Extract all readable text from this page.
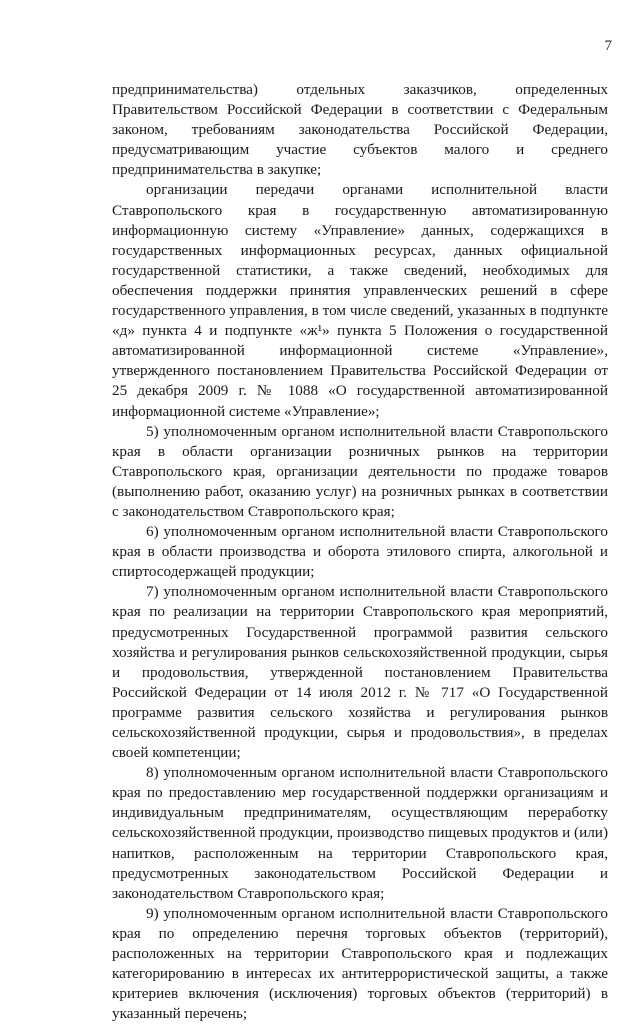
7

предпринимательства) отдельных заказчиков, определенных Правительством Российской Федерации в соответствии с Федеральным законом, требованиям законодательства Российской Федерации, предусматривающим участие субъектов малого и среднего предпринимательства в закупке;

организации передачи органами исполнительной власти Ставропольского края в государственную автоматизированную информационную систему «Управление» данных, содержащихся в государственных информационных ресурсах, данных официальной государственной статистики, а также сведений, необходимых для обеспечения поддержки принятия управленческих решений в сфере государственного управления, в том числе сведений, указанных в подпункте «д» пункта 4 и подпункте «ж¹» пункта 5 Положения о государственной автоматизированной информационной системе «Управление», утвержденного постановлением Правительства Российской Федерации от 25 декабря 2009 г. № 1088 «О государственной автоматизированной информационной системе «Управление»;

5) уполномоченным органом исполнительной власти Ставропольского края в области организации розничных рынков на территории Ставропольского края, организации деятельности по продаже товаров (выполнению работ, оказанию услуг) на розничных рынках в соответствии с законодательством Ставропольского края;

6) уполномоченным органом исполнительной власти Ставропольского края в области производства и оборота этилового спирта, алкогольной и спиртосодержащей продукции;

7) уполномоченным органом исполнительной власти Ставропольского края по реализации на территории Ставропольского края мероприятий, предусмотренных Государственной программой развития сельского хозяйства и регулирования рынков сельскохозяйственной продукции, сырья и продовольствия, утвержденной постановлением Правительства Российской Федерации от 14 июля 2012 г. № 717 «О Государственной программе развития сельского хозяйства и регулирования рынков сельскохозяйственной продукции, сырья и продовольствия», в пределах своей компетенции;

8) уполномоченным органом исполнительной власти Ставропольского края по предоставлению мер государственной поддержки организациям и индивидуальным предпринимателям, осуществляющим переработку сельскохозяйственной продукции, производство пищевых продуктов и (или) напитков, расположенным на территории Ставропольского края, предусмотренных законодательством Российской Федерации и законодательством Ставропольского края;

9) уполномоченным органом исполнительной власти Ставропольского края по определению перечня торговых объектов (территорий), расположенных на территории Ставропольского края и подлежащих категорированию в интересах их антитеррористической защиты, а также критериев включения (исключения) торговых объектов (территорий) в указанный перечень;
